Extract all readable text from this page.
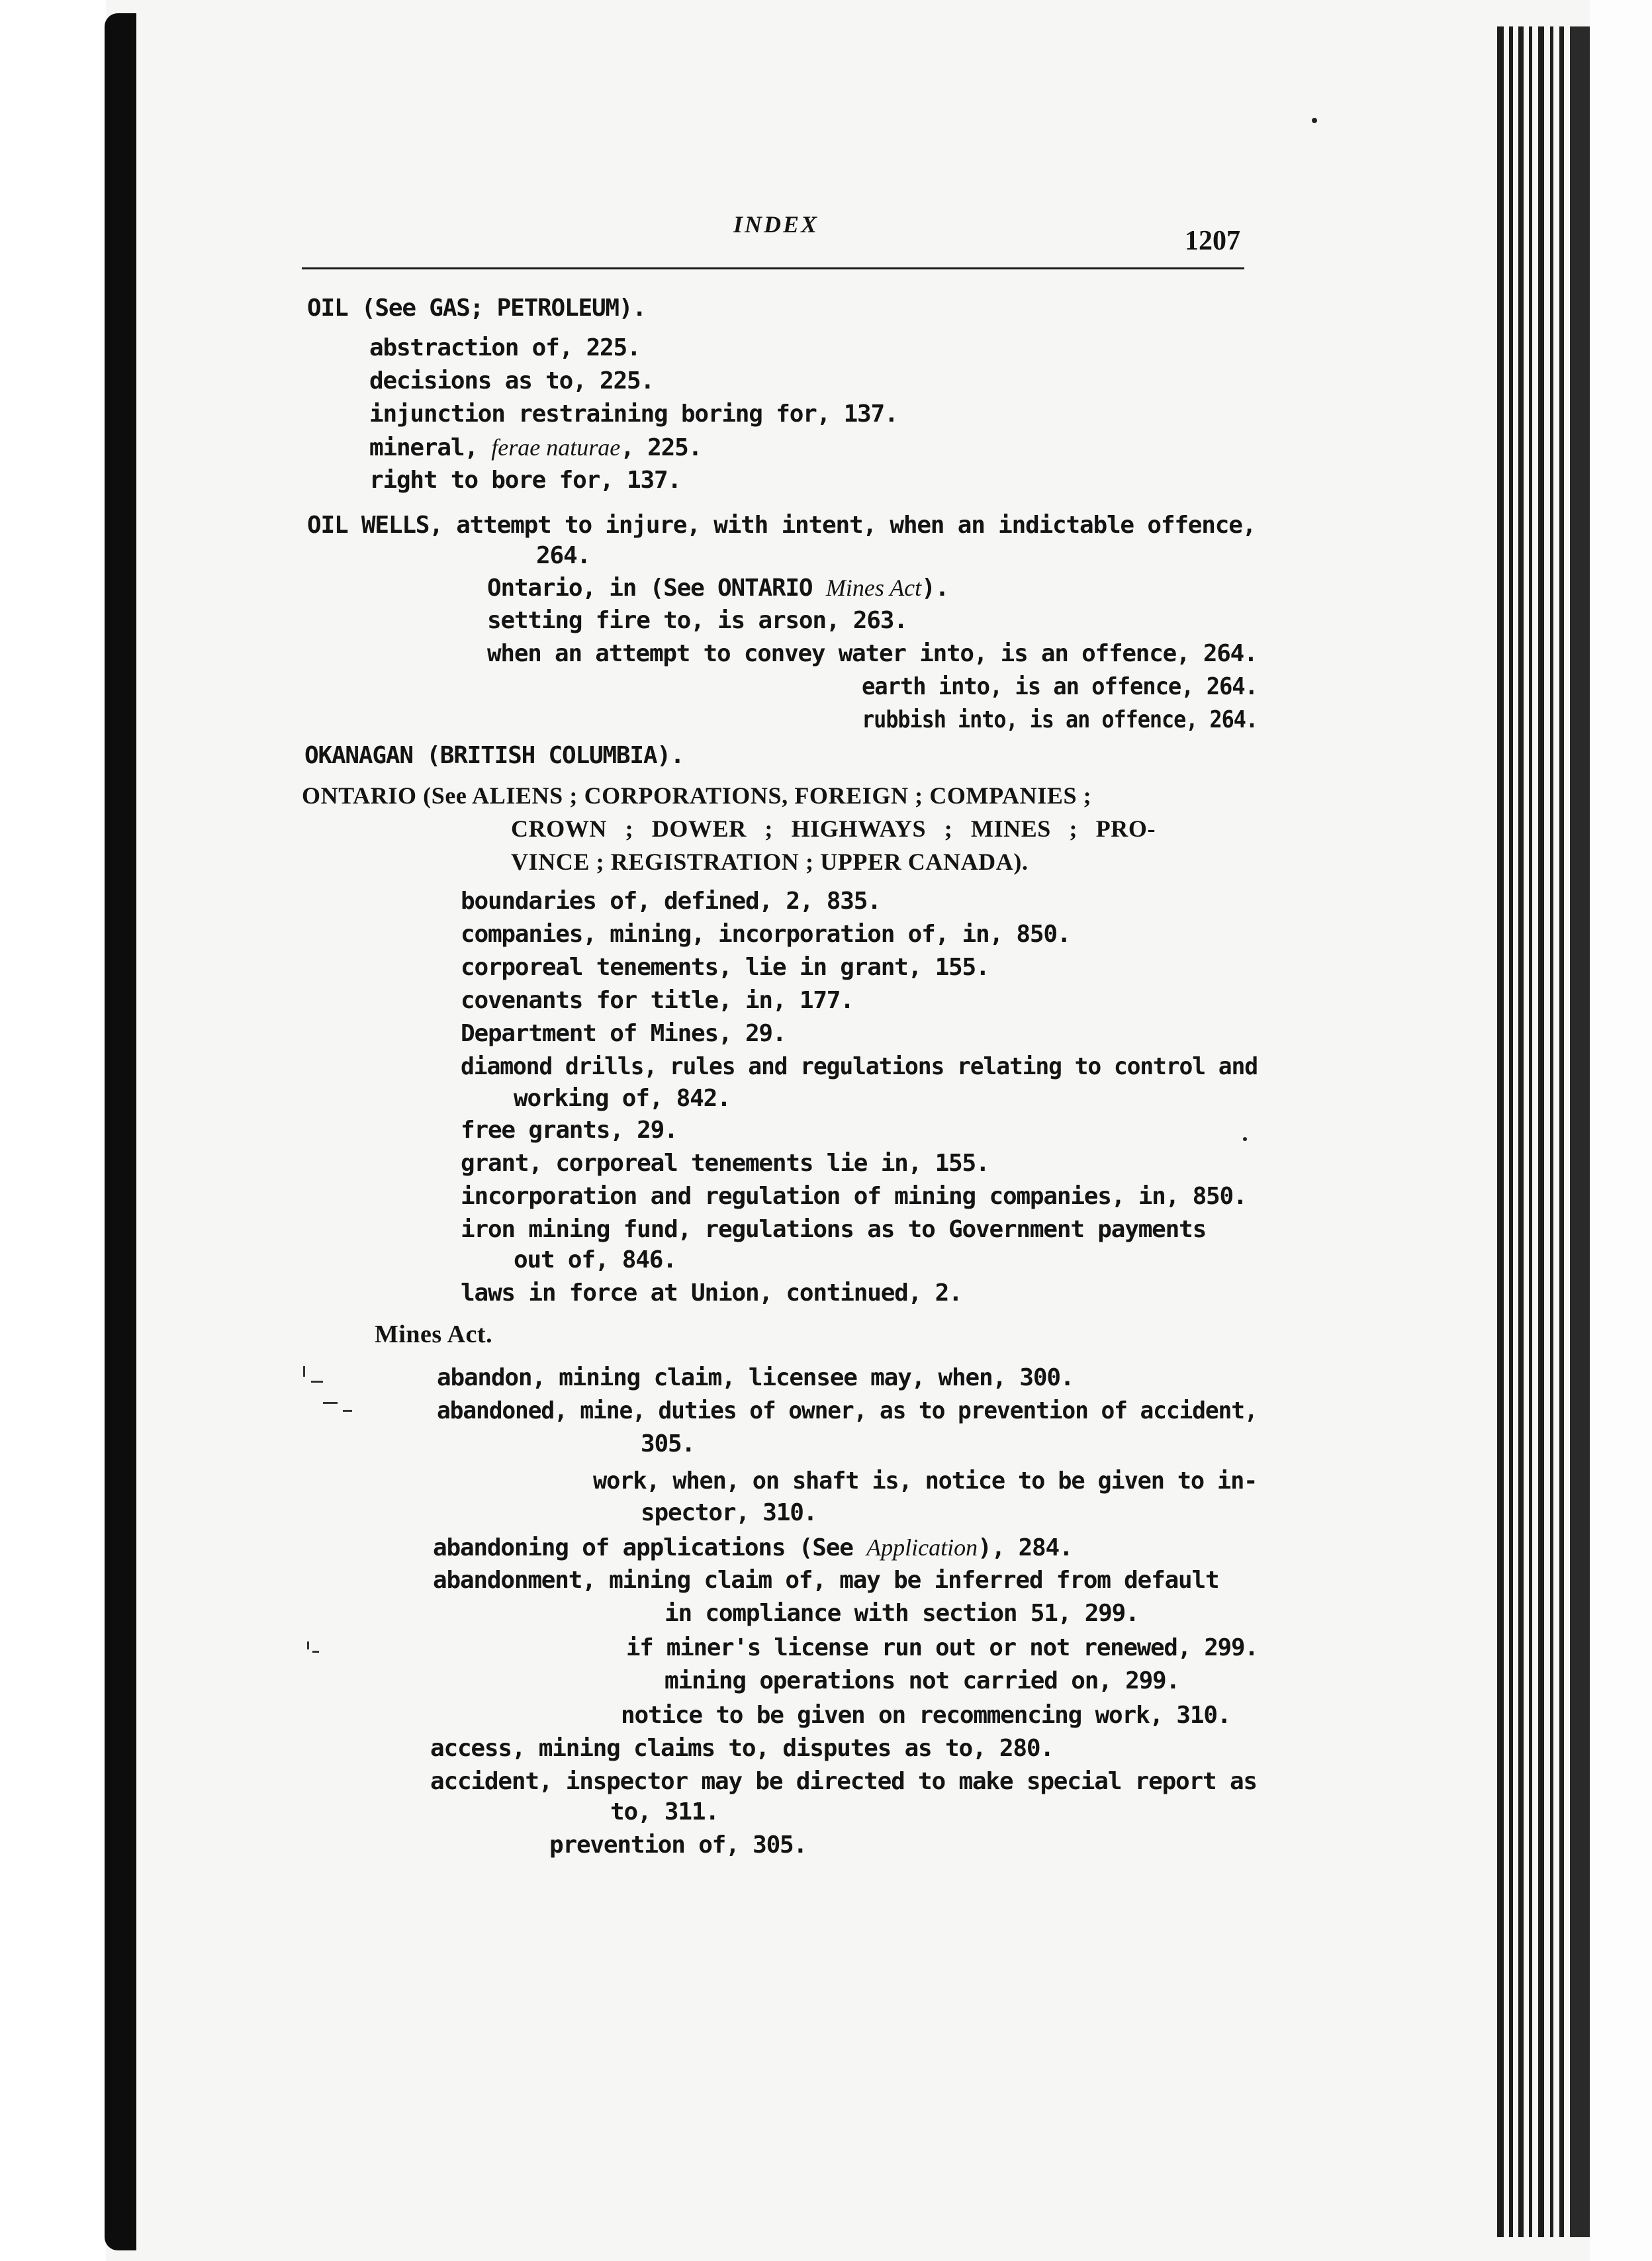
INDEX
1207
OIL (See GAS; PETROLEUM).
abstraction of, 225.
decisions as to, 225.
injunction restraining boring for, 137.
mineral, ferae naturae, 225.
right to bore for, 137.
OIL WELLS, attempt to injure, with intent, when an indictable offence,
264.
Ontario, in (See ONTARIO Mines Act).
setting fire to, is arson, 263.
when an attempt to convey water into, is an offence, 264.
earth into, is an offence, 264.
rubbish into, is an offence, 264.
OKANAGAN (BRITISH COLUMBIA).
ONTARIO (See ALIENS ; CORPORATIONS, FOREIGN ; COMPANIES ;
CROWN ; DOWER ; HIGHWAYS ; MINES ; PRO-
VINCE ; REGISTRATION ; UPPER CANADA).
boundaries of, defined, 2, 835.
companies, mining, incorporation of, in, 850.
corporeal tenements, lie in grant, 155.
covenants for title, in, 177.
Department of Mines, 29.
diamond drills, rules and regulations relating to control and
working of, 842.
free grants, 29.
grant, corporeal tenements lie in, 155.
incorporation and regulation of mining companies, in, 850.
iron mining fund, regulations as to Government payments
out of, 846.
laws in force at Union, continued, 2.
Mines Act.
abandon, mining claim, licensee may, when, 300.
abandoned, mine, duties of owner, as to prevention of accident,
305.
work, when, on shaft is, notice to be given to in-
spector, 310.
abandoning of applications (See Application), 284.
abandonment, mining claim of, may be inferred from default
in compliance with section 51, 299.
if miner's license run out or not renewed, 299.
mining operations not carried on, 299.
notice to be given on recommencing work, 310.
access, mining claims to, disputes as to, 280.
accident, inspector may be directed to make special report as
to, 311.
prevention of, 305.
